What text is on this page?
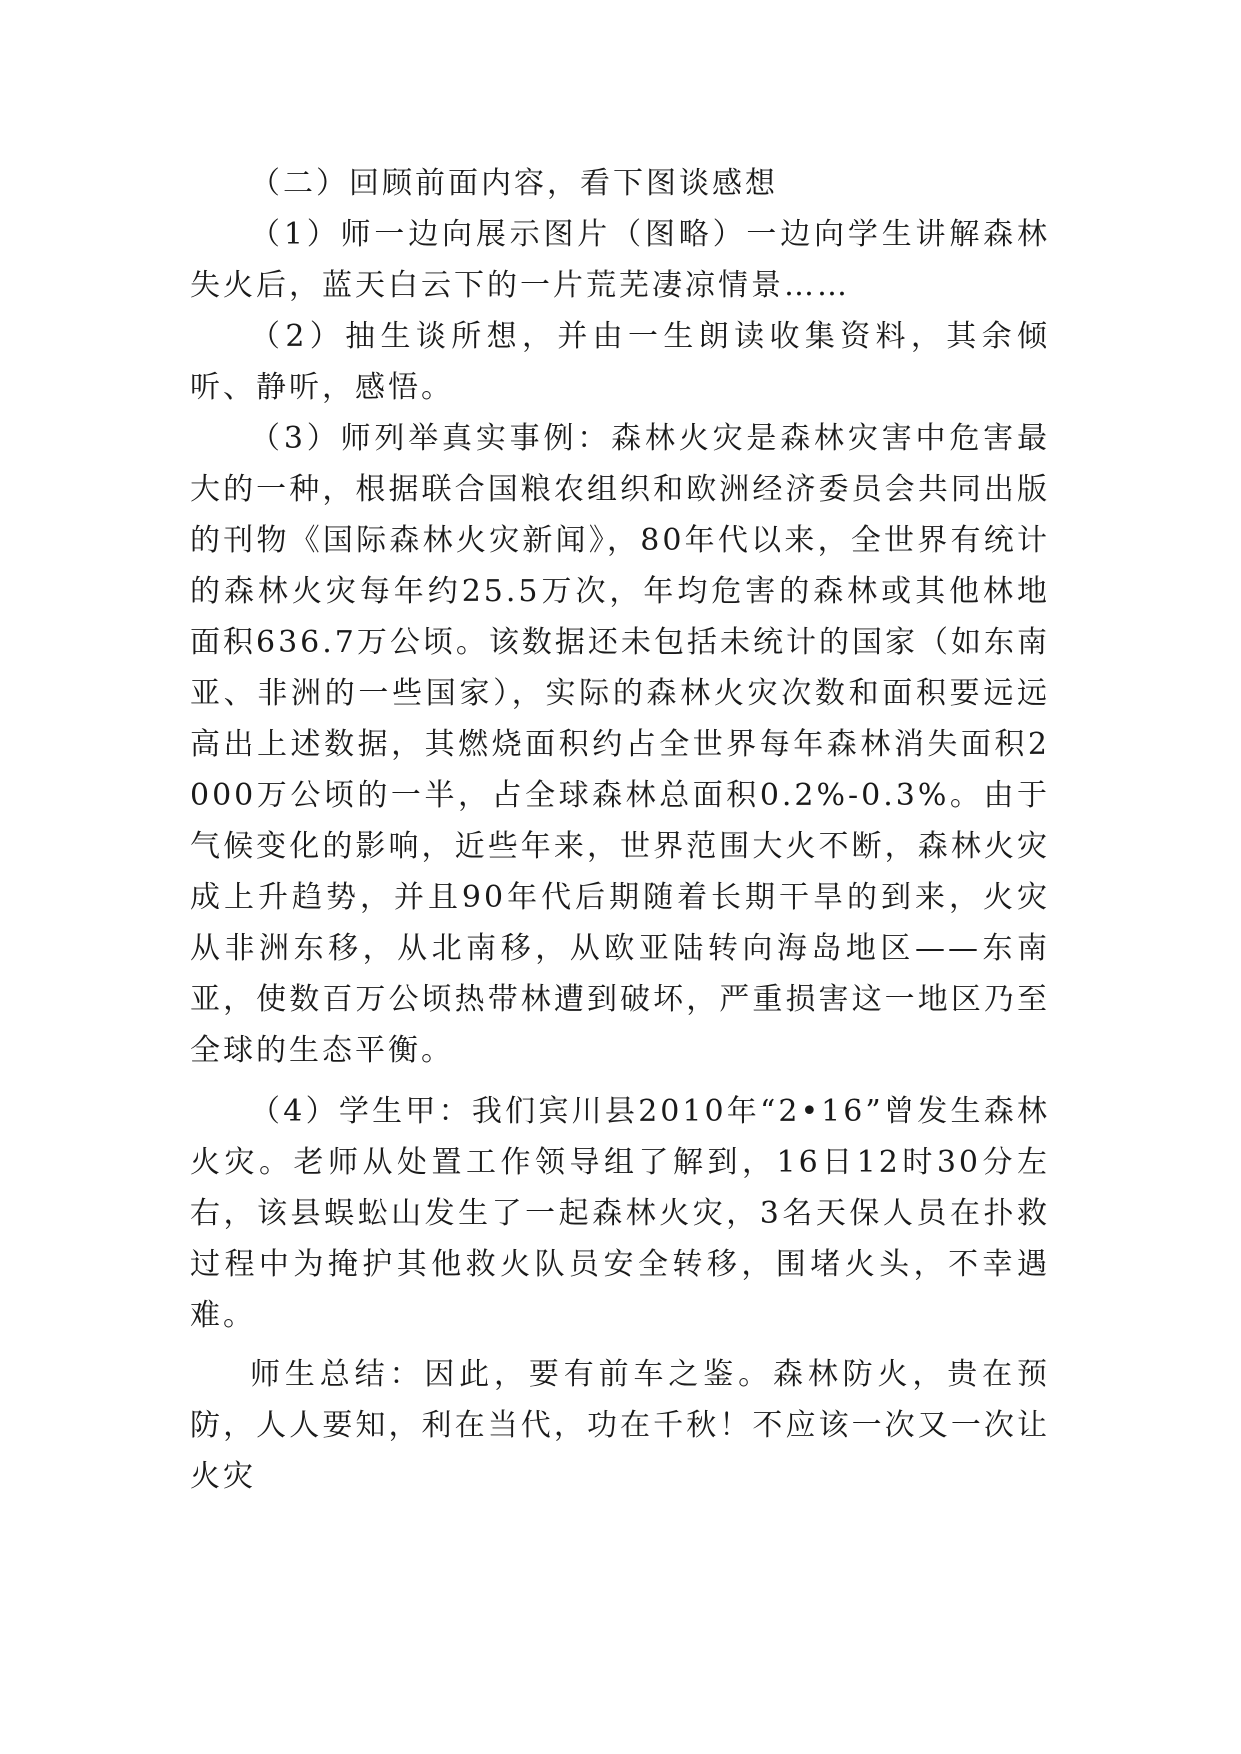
（二）回顾前面内容，看下图谈感想

（1）师一边向展示图片（图略）一边向学生讲解森林失火后，蓝天白云下的一片荒芜凄凉情景……

（2）抽生谈所想，并由一生朗读收集资料，其余倾听、静听，感悟。

（3）师列举真实事例：森林火灾是森林灾害中危害最大的一种，根据联合国粮农组织和欧洲经济委员会共同出版的刊物《国际森林火灾新闻》，80年代以来，全世界有统计的森林火灾每年约25.5万次，年均危害的森林或其他林地面积636.7万公顷。该数据还未包括未统计的国家（如东南亚、非洲的一些国家），实际的森林火灾次数和面积要远远高出上述数据，其燃烧面积约占全世界每年森林消失面积2000万公顷的一半，占全球森林总面积0.2%-0.3%。由于气候变化的影响，近些年来，世界范围大火不断，森林火灾成上升趋势，并且90年代后期随着长期干旱的到来，火灾从非洲东移，从北南移，从欧亚陆转向海岛地区——东南亚，使数百万公顷热带林遭到破坏，严重损害这一地区乃至全球的生态平衡。

（4）学生甲：我们宾川县2010年“2•16”曾发生森林火灾。老师从处置工作领导组了解到，16日12时30分左右，该县蜈蚣山发生了一起森林火灾，3名天保人员在扑救过程中为掩护其他救火队员安全转移，围堵火头，不幸遇难。

师生总结：因此，要有前车之鉴。森林防火，贵在预防，人人要知，利在当代，功在千秋！不应该一次又一次让火灾
